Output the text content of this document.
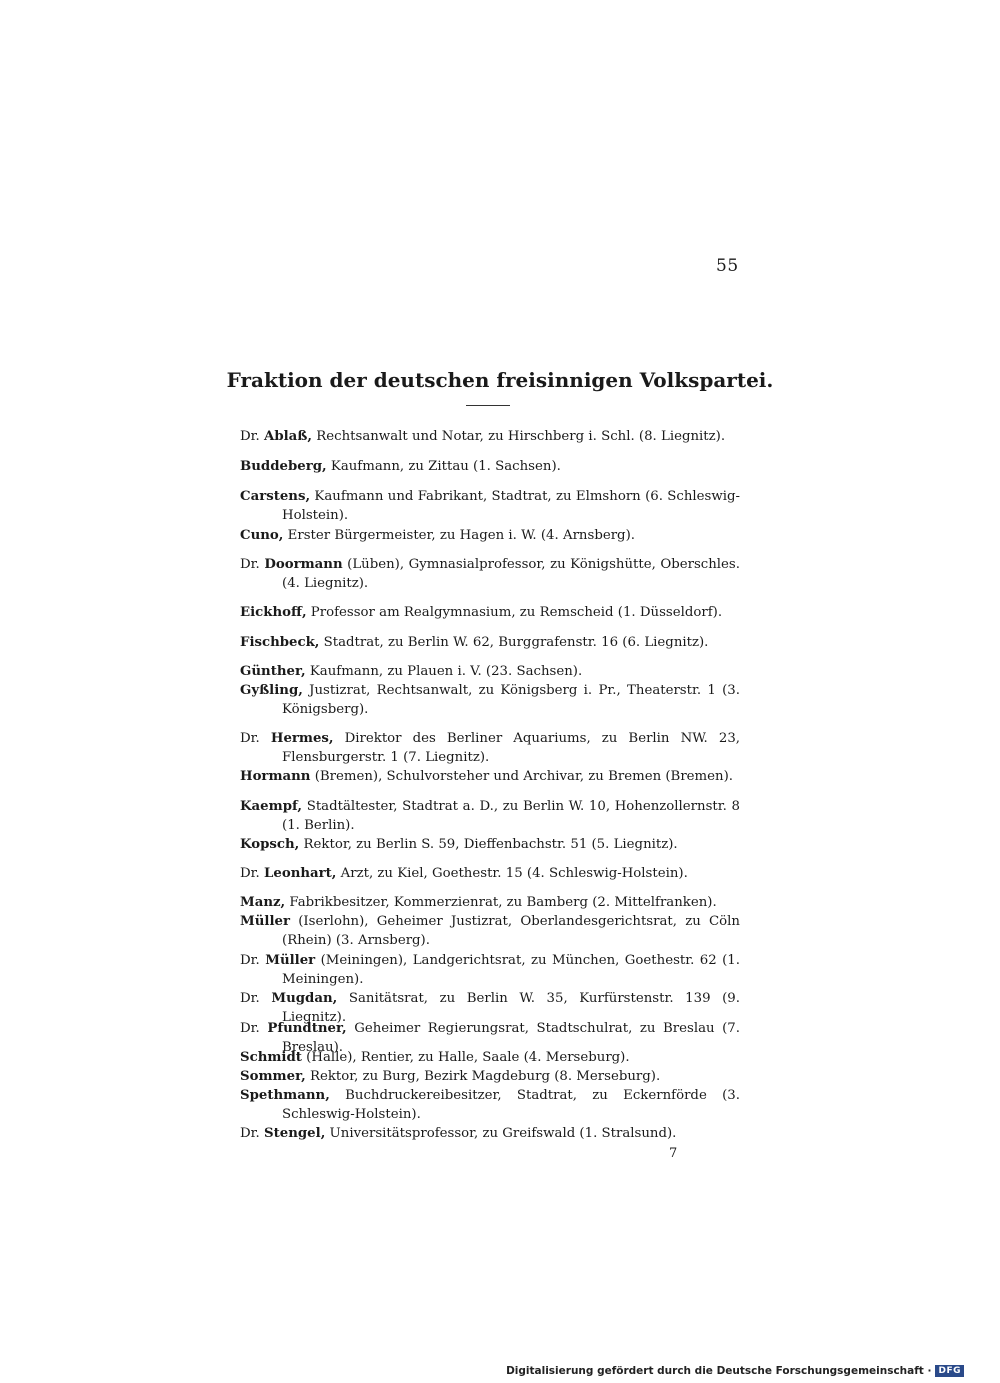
55
Fraktion der deutschen freisinnigen Volkspartei.
Dr. Ablaß, Rechtsanwalt und Notar, zu Hirschberg i. Schl. (8. Liegnitz).
Buddeberg, Kaufmann, zu Zittau (1. Sachsen).
Carstens, Kaufmann und Fabrikant, Stadtrat, zu Elmshorn (6. Schleswig-Holstein).
Cuno, Erster Bürgermeister, zu Hagen i. W. (4. Arnsberg).
Dr. Doormann (Lüben), Gymnasialprofessor, zu Königshütte, Oberschles. (4. Liegnitz).
Eickhoff, Professor am Realgymnasium, zu Remscheid (1. Düsseldorf).
Fischbeck, Stadtrat, zu Berlin W. 62, Burggrafenstr. 16 (6. Liegnitz).
Günther, Kaufmann, zu Plauen i. V. (23. Sachsen).
Gyßling, Justizrat, Rechtsanwalt, zu Königsberg i. Pr., Theaterstr. 1 (3. Königsberg).
Dr. Hermes, Direktor des Berliner Aquariums, zu Berlin NW. 23, Flensburgerstr. 1 (7. Liegnitz).
Hormann (Bremen), Schulvorsteher und Archivar, zu Bremen (Bremen).
Kaempf, Stadtältester, Stadtrat a. D., zu Berlin W. 10, Hohenzollernstr. 8 (1. Berlin).
Kopsch, Rektor, zu Berlin S. 59, Dieffenbachstr. 51 (5. Liegnitz).
Dr. Leonhart, Arzt, zu Kiel, Goethestr. 15 (4. Schleswig-Holstein).
Manz, Fabrikbesitzer, Kommerzienrat, zu Bamberg (2. Mittelfranken).
Müller (Iserlohn), Geheimer Justizrat, Oberlandesgerichtsrat, zu Cöln (Rhein) (3. Arnsberg).
Dr. Müller (Meiningen), Landgerichtsrat, zu München, Goethestr. 62 (1. Meiningen).
Dr. Mugdan, Sanitätsrat, zu Berlin W. 35, Kurfürstenstr. 139 (9. Liegnitz).
Dr. Pfundtner, Geheimer Regierungsrat, Stadtschulrat, zu Breslau (7. Breslau).
Schmidt (Halle), Rentier, zu Halle, Saale (4. Merseburg).
Sommer, Rektor, zu Burg, Bezirk Magdeburg (8. Merseburg).
Spethmann, Buchdruckereibesitzer, Stadtrat, zu Eckernförde (3. Schleswig-Holstein).
Dr. Stengel, Universitätsprofessor, zu Greifswald (1. Stralsund).
7
Digitalisierung gefördert durch die Deutsche Forschungsgemeinschaft · DFG
